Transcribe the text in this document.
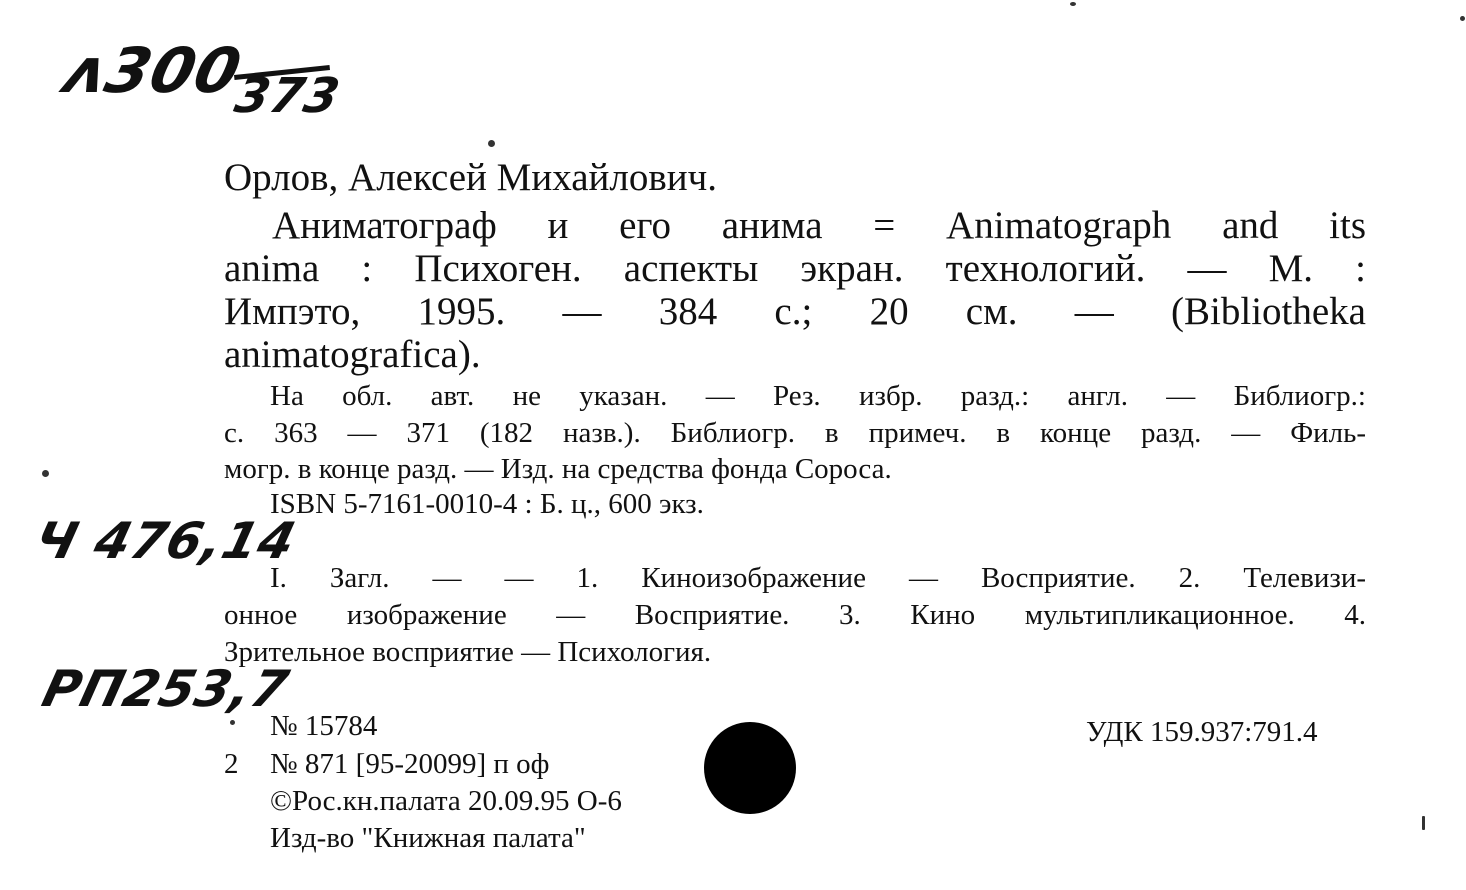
ʌ300
373
Ч 476,14
РП253,7
Орлов, Алексей Михайлович.
Аниматограф и его анима = Animatograph and its
anima : Психоген. аспекты экран. технологий. — М. :
Импэто, 1995. — 384 с.; 20 см. — (Bibliotheka
animatografica).
На обл. авт. не указан. — Рез. избр. разд.: англ. — Библиогр.:
с. 363 — 371 (182 назв.). Библиогр. в примеч. в конце разд. — Филь-
могр. в конце разд. — Изд. на средства фонда Сороса.
ISBN 5-7161-0010-4 : Б. ц., 600 экз.
I. Загл. — — 1. Киноизображение — Восприятие. 2. Телевизи-
онное изображение — Восприятие. 3. Кино мультипликационное. 4.
Зрительное восприятие — Психология.
№ 15784	УДК 159.937:791.4
2 № 871 [95-20099] п оф
©Рос.кн.палата 20.09.95 О-6
Изд-во "Книжная палата"
